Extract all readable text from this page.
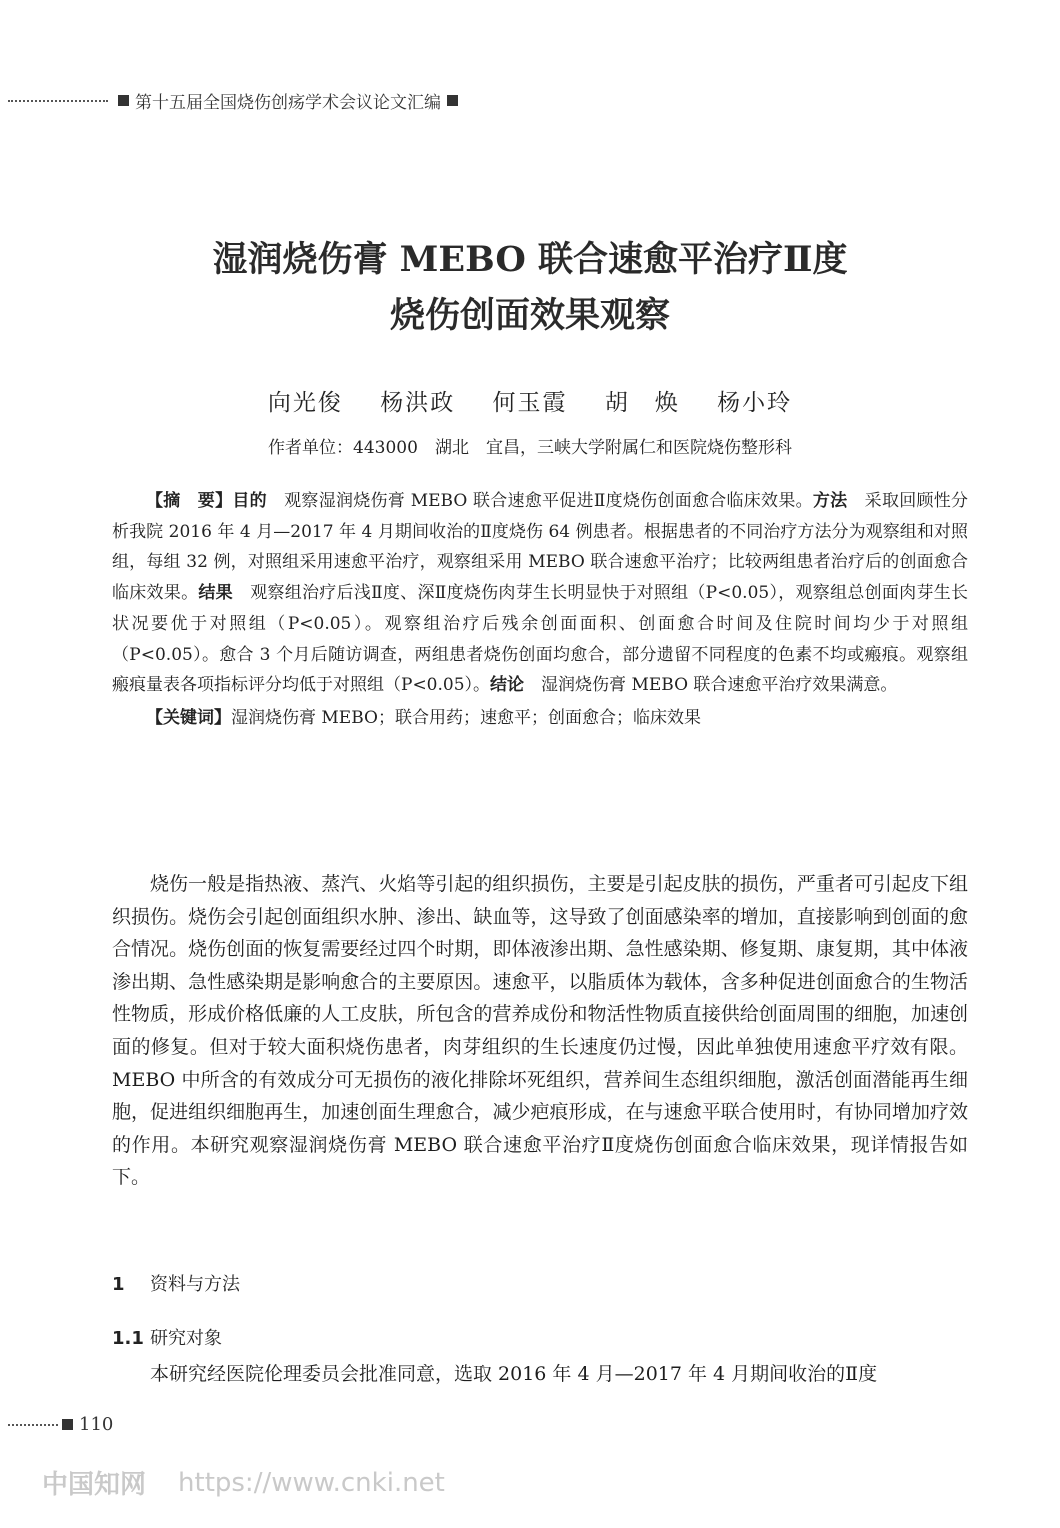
第十五届全国烧伤创疡学术会议论文汇编
湿润烧伤膏 MEBO 联合速愈平治疗Ⅱ度
烧伤创面效果观察
向光俊 杨洪政 何玉霞 胡　焕 杨小玲
作者单位：443000　湖北　宜昌，三峡大学附属仁和医院烧伤整形科

【摘　要】目的　观察湿润烧伤膏 MEBO 联合速愈平促进Ⅱ度烧伤创面愈合临床效果。方法　采取回顾性分析我院 2016 年 4 月—2017 年 4 月期间收治的Ⅱ度烧伤 64 例患者。根据患者的不同治疗方法分为观察组和对照组，每组 32 例，对照组采用速愈平治疗，观察组采用 MEBO 联合速愈平治疗；比较两组患者治疗后的创面愈合临床效果。结果　观察组治疗后浅Ⅱ度、深Ⅱ度烧伤肉芽生长明显快于对照组（P<0.05），观察组总创面肉芽生长状况要优于对照组（P<0.05）。观察组治疗后残余创面面积、创面愈合时间及住院时间均少于对照组（P<0.05）。愈合 3 个月后随访调查，两组患者烧伤创面均愈合，部分遗留不同程度的色素不均或瘢痕。观察组瘢痕量表各项指标评分均低于对照组（P<0.05）。结论　湿润烧伤膏 MEBO 联合速愈平治疗效果满意。

【关键词】湿润烧伤膏 MEBO；联合用药；速愈平；创面愈合；临床效果

烧伤一般是指热液、蒸汽、火焰等引起的组织损伤，主要是引起皮肤的损伤，严重者可引起皮下组织损伤。烧伤会引起创面组织水肿、渗出、缺血等，这导致了创面感染率的增加，直接影响到创面的愈合情况。烧伤创面的恢复需要经过四个时期，即体液渗出期、急性感染期、修复期、康复期，其中体液渗出期、急性感染期是影响愈合的主要原因。速愈平，以脂质体为载体，含多种促进创面愈合的生物活性物质，形成价格低廉的人工皮肤，所包含的营养成份和物活性物质直接供给创面周围的细胞，加速创面的修复。但对于较大面积烧伤患者，肉芽组织的生长速度仍过慢，因此单独使用速愈平疗效有限。MEBO 中所含的有效成分可无损伤的液化排除坏死组织，营养间生态组织细胞，激活创面潜能再生细胞，促进组织细胞再生，加速创面生理愈合，减少疤痕形成，在与速愈平联合使用时，有协同增加疗效的作用。本研究观察湿润烧伤膏 MEBO 联合速愈平治疗Ⅱ度烧伤创面愈合临床效果，现详情报告如下。

1 资料与方法
1.1 研究对象
本研究经医院伦理委员会批准同意，选取 2016 年 4 月—2017 年 4 月期间收治的Ⅱ度
110
中国知网 https://www.cnki.net
